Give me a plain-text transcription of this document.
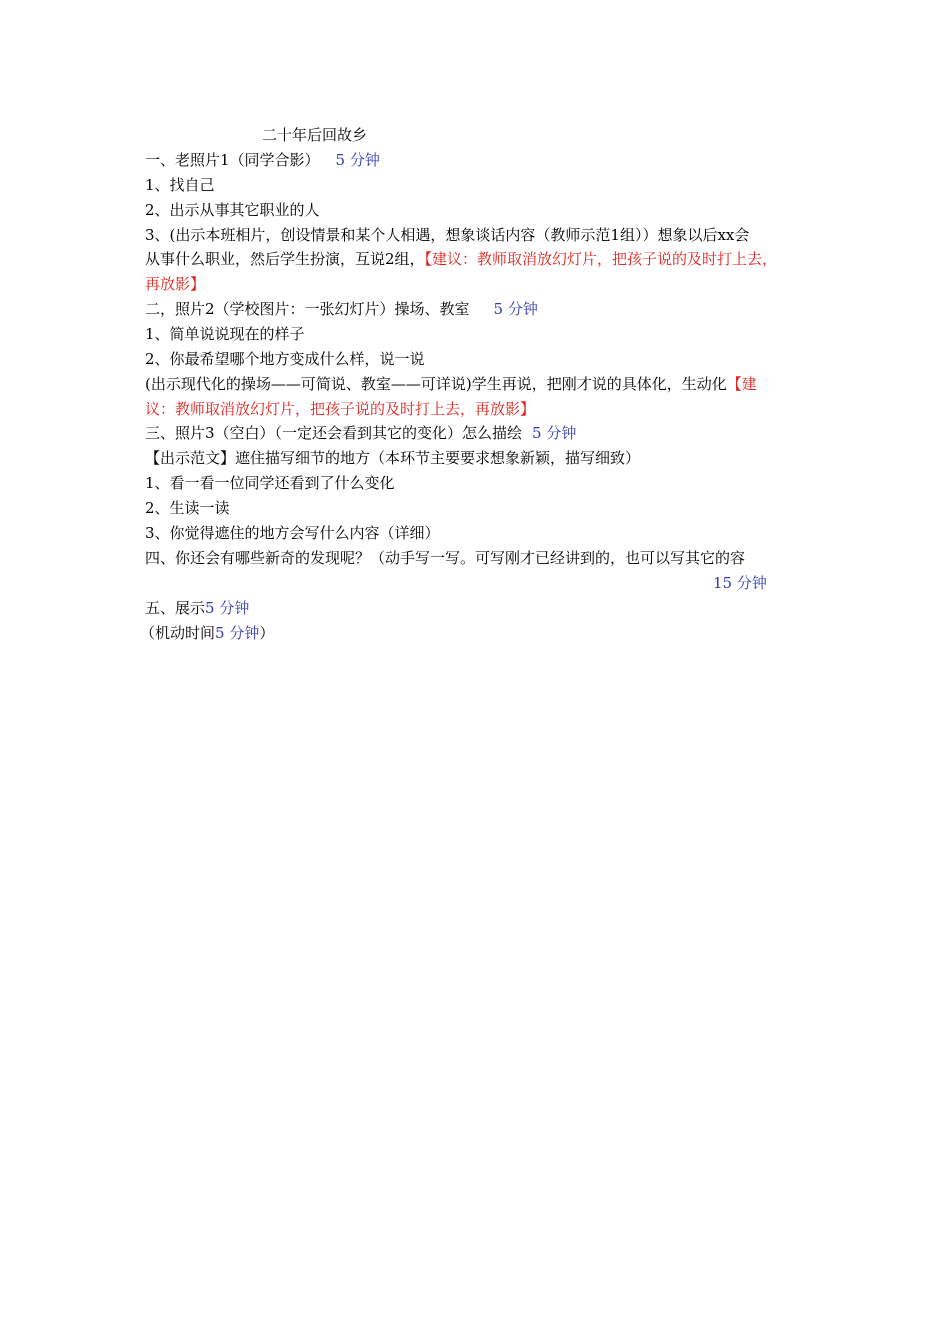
二十年后回故乡
一、老照片1（同学合影） 5 分钟
1、找自己
2、出示从事其它职业的人
3、(出示本班相片，创设情景和某个人相遇，想象谈话内容（教师示范1组））想象以后xx会
从事什么职业，然后学生扮演，互说2组，【建议：教师取消放幻灯片，把孩子说的及时打上去，
再放影】
二，照片2（学校图片：一张幻灯片）操场、教室 5 分钟
1、简单说说现在的样子
2、你最希望哪个地方变成什么样，说一说
(出示现代化的操场——可简说、教室——可详说)学生再说，把刚才说的具体化，生动化【建
议：教师取消放幻灯片，把孩子说的及时打上去，再放影】
三、照片3（空白）（一定还会看到其它的变化）怎么描绘 5 分钟
【出示范文】遮住描写细节的地方（本环节主要要求想象新颖，描写细致）
1、看一看一位同学还看到了什么变化
2、生读一读
3、你觉得遮住的地方会写什么内容（详细）
四、你还会有哪些新奇的发现呢？（动手写一写。可写刚才已经讲到的，也可以写其它的容
15 分钟
五、展示5 分钟
（机动时间5 分钟）
